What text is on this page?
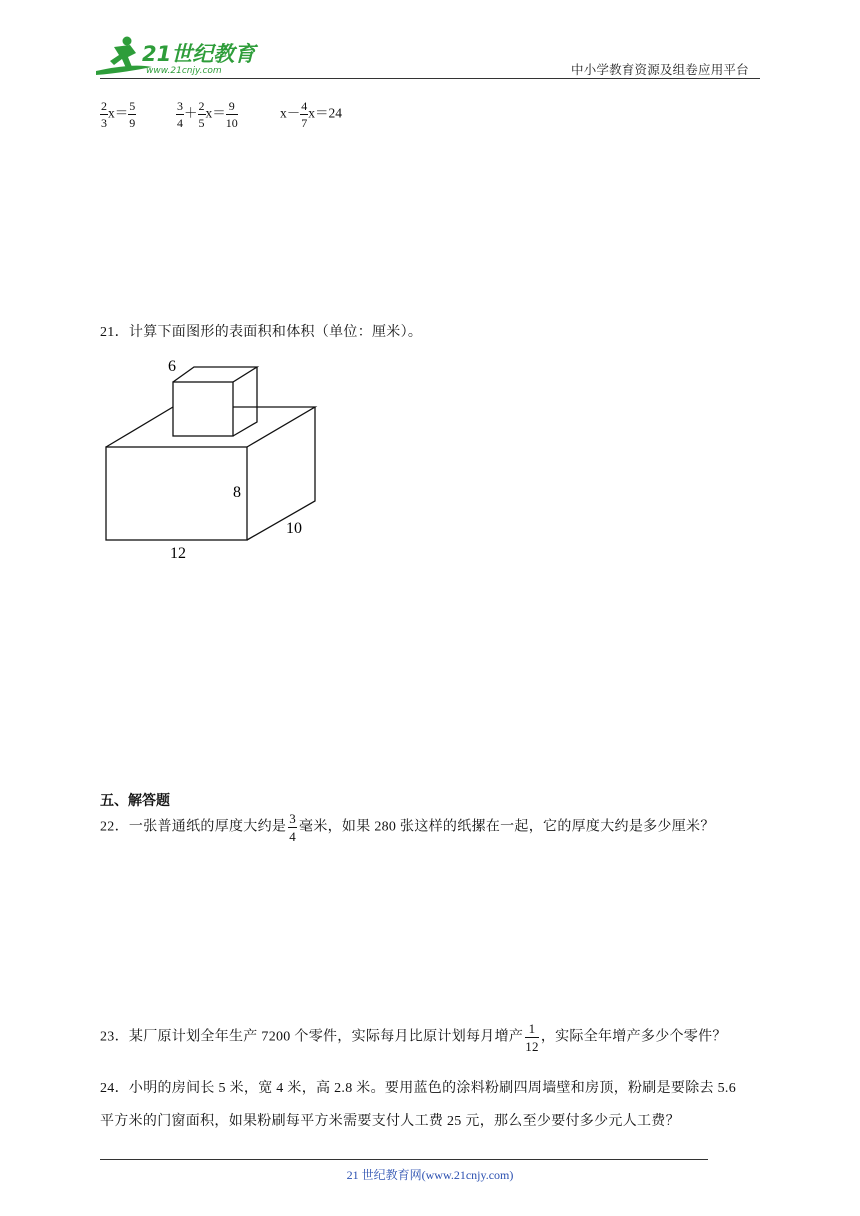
21世纪教育
www.21cnjy.com	中小学教育资源及组卷应用平台
$\frac{2}{3} x= \frac{5}{9}$	$\frac{3}{4} + \frac{2}{5} x= \frac{9}{10}$	$x- \frac{4}{7} x=24$
21．计算下面图形的表面积和体积（单位：厘米）。
6
8
10
12
五、解答题
22．一张普通纸的厚度大约是 $\frac{3}{4}$ 毫米，如果 280 张这样的纸摞在一起，它的厚度大约是多少厘米？
23．某厂原计划全年生产 7200 个零件，实际每月比原计划每月增产 $\frac{1}{12}$ ，实际全年增产多少个零件？
24．小明的房间长 5 米，宽 4 米，高 2.8 米。要用蓝色的涂料粉刷四周墙壁和房顶，粉刷是要除去 5.6
平方米的门窗面积，如果粉刷每平方米需要支付人工费 25 元，那么至少要付多少元人工费？
21 世纪教育网(www.21cnjy.com)
